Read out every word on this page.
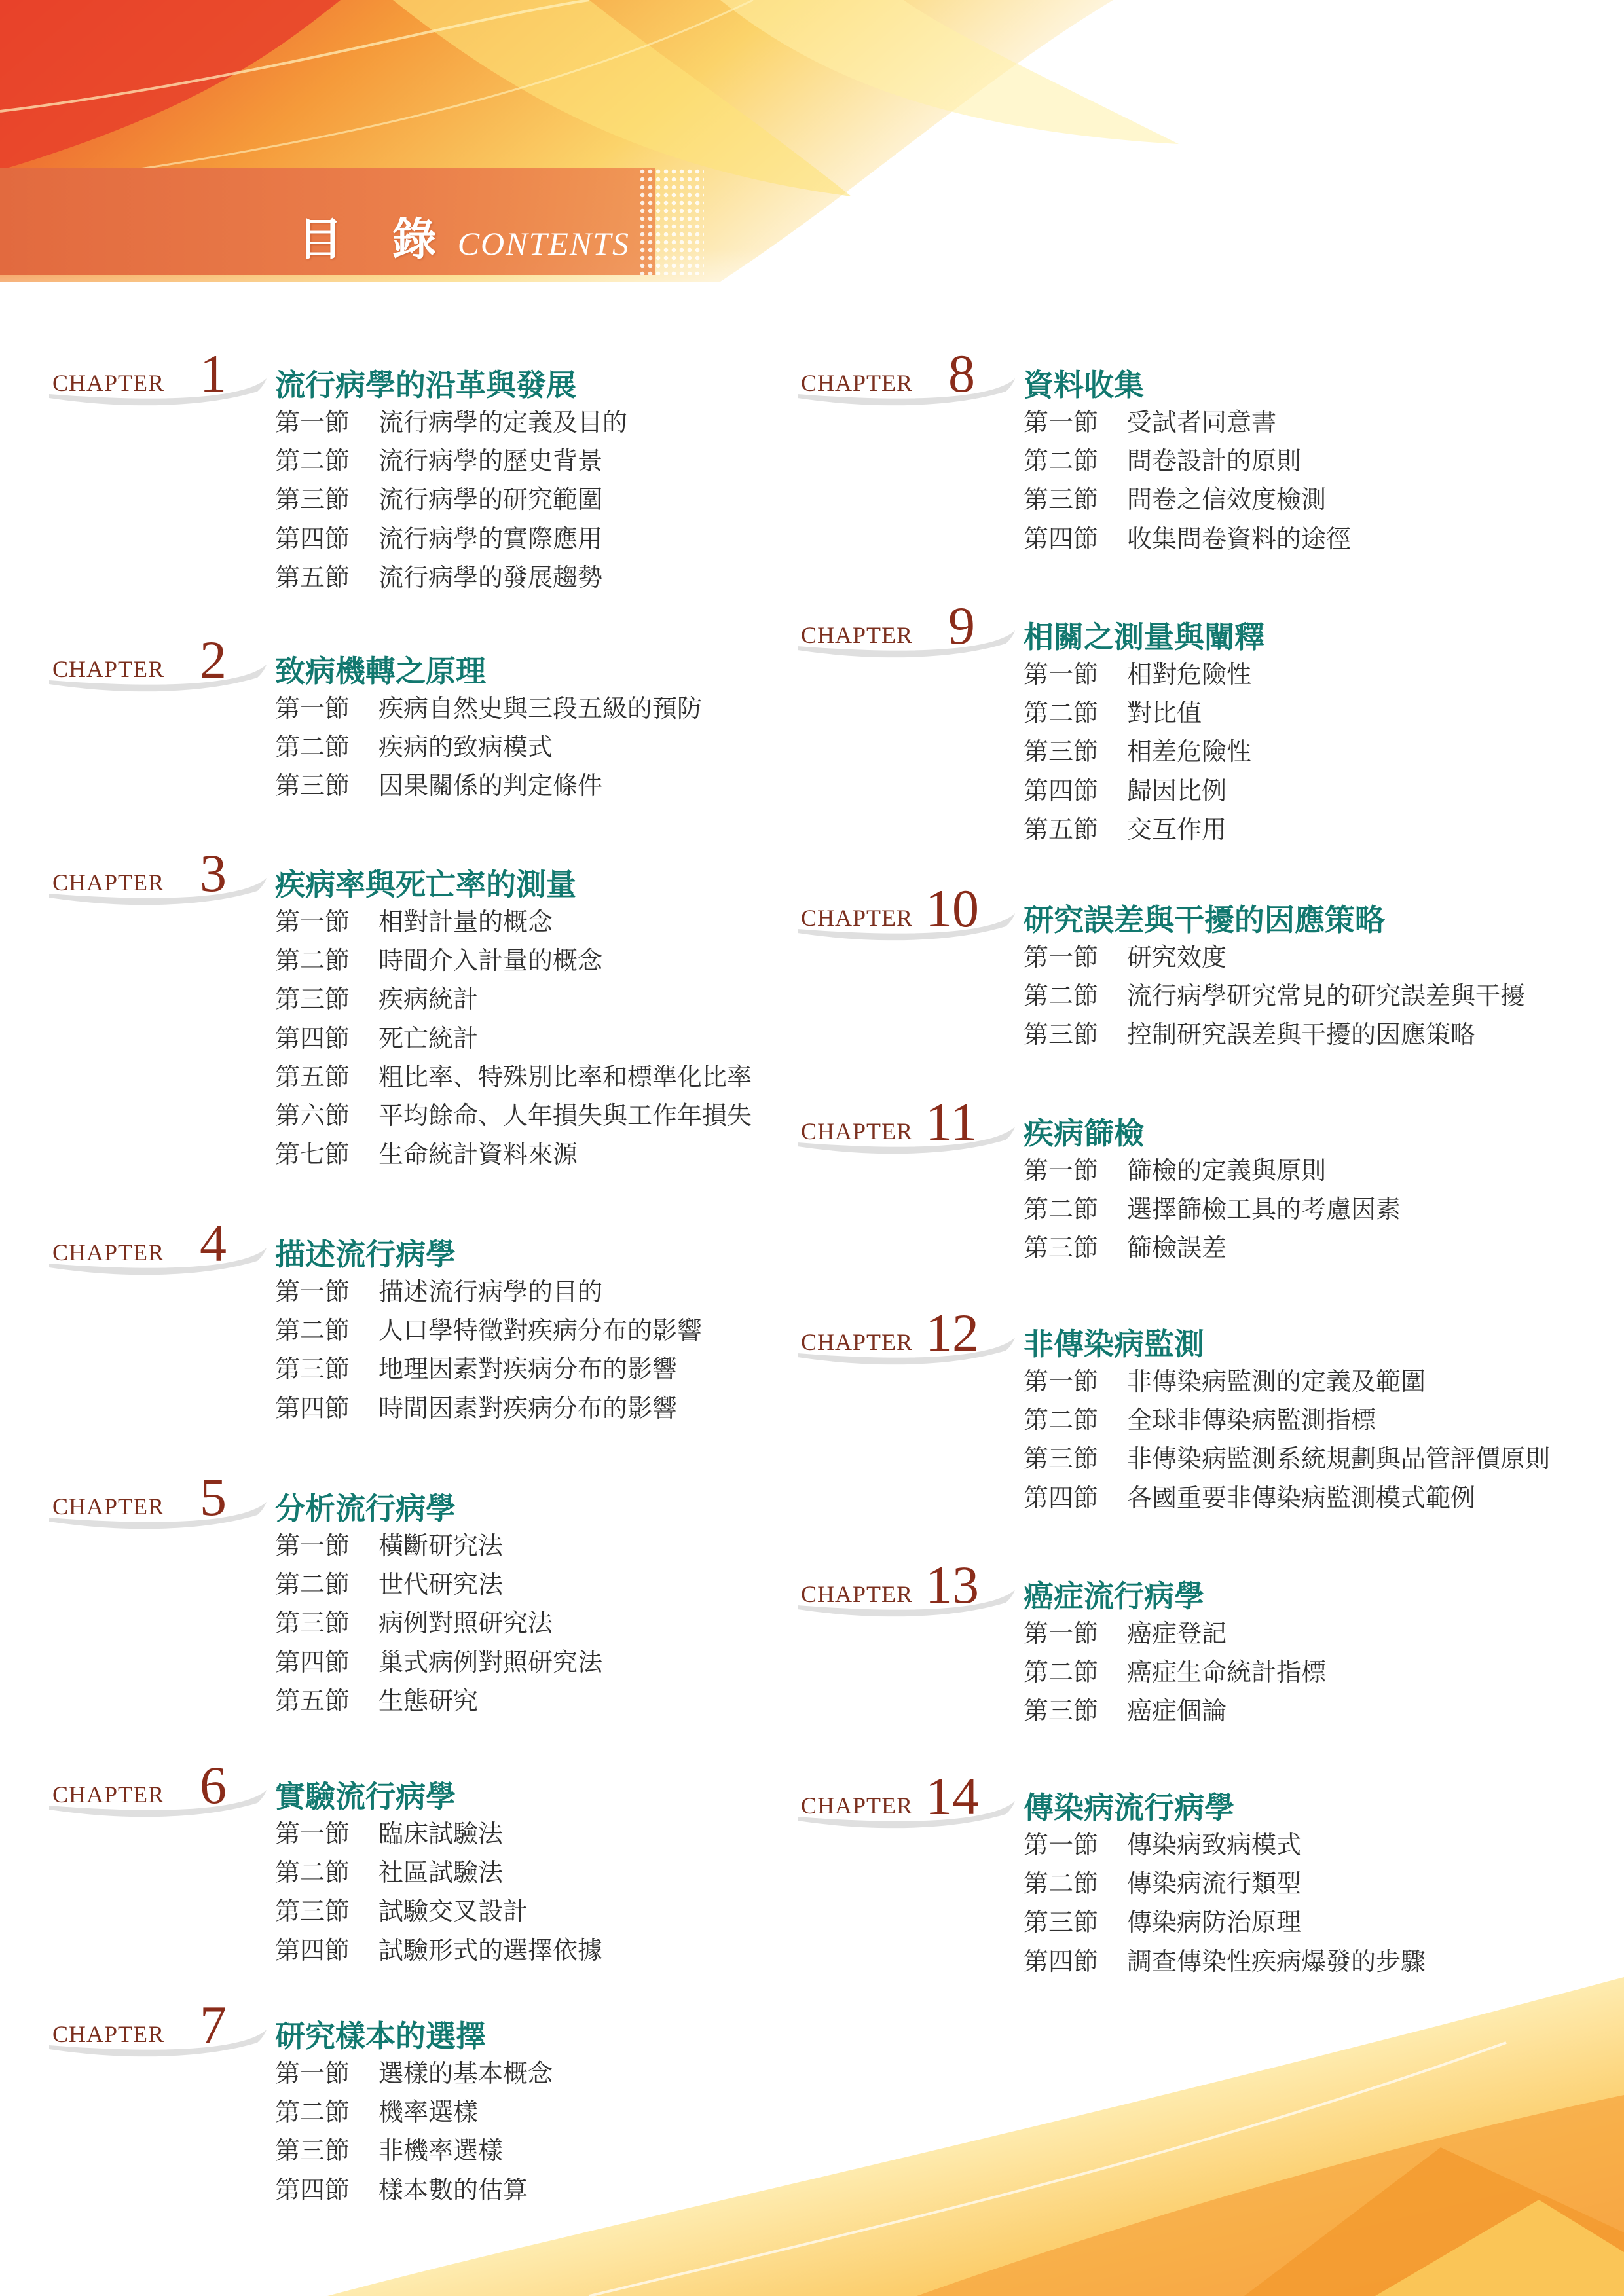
目 錄 CONTENTS
CHAPTER 1 流行病學的沿革與發展
第一節	流行病學的定義及目的
第二節	流行病學的歷史背景
第三節	流行病學的研究範圍
第四節	流行病學的實際應用
第五節	流行病學的發展趨勢
CHAPTER 2 致病機轉之原理
第一節	疾病自然史與三段五級的預防
第二節	疾病的致病模式
第三節	因果關係的判定條件
CHAPTER 3 疾病率與死亡率的測量
第一節	相對計量的概念
第二節	時間介入計量的概念
第三節	疾病統計
第四節	死亡統計
第五節	粗比率、特殊別比率和標準化比率
第六節	平均餘命、人年損失與工作年損失
第七節	生命統計資料來源
CHAPTER 4 描述流行病學
第一節	描述流行病學的目的
第二節	人口學特徵對疾病分布的影響
第三節	地理因素對疾病分布的影響
第四節	時間因素對疾病分布的影響
CHAPTER 5 分析流行病學
第一節	橫斷研究法
第二節	世代研究法
第三節	病例對照研究法
第四節	巢式病例對照研究法
第五節	生態研究
CHAPTER 6 實驗流行病學
第一節	臨床試驗法
第二節	社區試驗法
第三節	試驗交叉設計
第四節	試驗形式的選擇依據
CHAPTER 7 研究樣本的選擇
第一節	選樣的基本概念
第二節	機率選樣
第三節	非機率選樣
第四節	樣本數的估算
CHAPTER 8 資料收集
第一節	受試者同意書
第二節	問卷設計的原則
第三節	問卷之信效度檢測
第四節	收集問卷資料的途徑
CHAPTER 9 相關之測量與闡釋
第一節	相對危險性
第二節	對比值
第三節	相差危險性
第四節	歸因比例
第五節	交互作用
CHAPTER 10 研究誤差與干擾的因應策略
第一節	研究效度
第二節	流行病學研究常見的研究誤差與干擾
第三節	控制研究誤差與干擾的因應策略
CHAPTER 11 疾病篩檢
第一節	篩檢的定義與原則
第二節	選擇篩檢工具的考慮因素
第三節	篩檢誤差
CHAPTER 12 非傳染病監測
第一節	非傳染病監測的定義及範圍
第二節	全球非傳染病監測指標
第三節	非傳染病監測系統規劃與品管評價原則
第四節	各國重要非傳染病監測模式範例
CHAPTER 13 癌症流行病學
第一節	癌症登記
第二節	癌症生命統計指標
第三節	癌症個論
CHAPTER 14 傳染病流行病學
第一節	傳染病致病模式
第二節	傳染病流行類型
第三節	傳染病防治原理
第四節	調查傳染性疾病爆發的步驟
